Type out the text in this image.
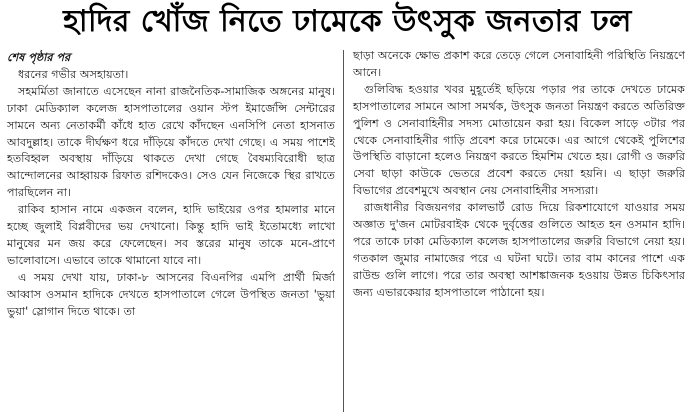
হাদির খোঁজ নিতে ঢামেকে উৎসুক জনতার ঢল

শেষ পৃষ্ঠার পর

ধরনের গভীর অসহায়তা।

সহমর্মিতা জানাতে এসেছেন নানা রাজনৈতিক-সামাজিক অঙ্গনের মানুষ। ঢাকা মেডিক্যাল কলেজ হাসপাতালের ওয়ান স্টপ ইমার্জেন্সি সেন্টারের সামনে অন্য নেতাকর্মী কাঁধে হাত রেখে কাঁদছেন এনসিপি নেতা হাসনাত আবদুল্লাহ। তাকে দীর্ঘক্ষণ ধরে দাঁড়িয়ে কাঁদতে দেখা গেছে। এ সময় পাশেই হতবিহ্বল অবস্থায় দাঁড়িয়ে থাকতে দেখা গেছে বৈষম্যবিরোধী ছাত্র আন্দোলনের আহ্বায়ক রিফাত রশিদকেও। সেও যেন নিজেকে স্থির রাখতে পারছিলেন না।

রাকিব হাসান নামে একজন বলেন, হাদি ভাইয়ের ওপর হামলার মানে হচ্ছে জুলাই বিপ্লবীদের ভয় দেখানো। কিন্তু হাদি ভাই ইতোমধ্যে লাখো মানুষের মন জয় করে ফেলেছেন। সব স্তরের মানুষ তাকে মনে-প্রাণে ভালোবাসে। এভাবে তাকে থামানো যাবে না।

এ সময় দেখা যায়, ঢাকা-৮ আসনের বিএনপির এমপি প্রার্থী মির্জা আব্বাস ওসমান হাদিকে দেখতে হাসপাতালে গেলে উপস্থিত জনতা 'ভুয়া ভুয়া' স্লোগান দিতে থাকে। তা

ছাড়া অনেকে ক্ষোভ প্রকাশ করে তেড়ে গেলে সেনাবাহিনী পরিস্থিতি নিয়ন্ত্রণে আনে।

গুলিবিদ্ধ হওয়ার খবর মুহূর্তেই ছড়িয়ে পড়ার পর তাকে দেখতে ঢামেক হাসপাতালের সামনে আসা সমর্থক, উৎসুক জনতা নিয়ন্ত্রণ করতে অতিরিক্ত পুলিশ ও সেনাবাহিনীর সদস্য মোতায়েন করা হয়। বিকেল সাড়ে ৩টার পর থেকে সেনাবাহিনীর গাড়ি প্রবেশ করে ঢামেকে। এর আগে থেকেই পুলিশের উপস্থিতি বাড়ানো হলেও নিয়ন্ত্রণ করতে হিমশিম খেতে হয়। রোগী ও জরুরি সেবা ছাড়া কাউকে ভেতরে প্রবেশ করতে দেয়া হয়নি। এ ছাড়া জরুরি বিভাগের প্রবেশমুখে অবস্থান নেয় সেনাবাহিনীর সদস্যরা।

রাজধানীর বিজয়নগর কালভার্ট রোড দিয়ে রিকশাযোগে যাওয়ার সময় অজ্ঞাত দু'জন মোটরবাইক থেকে দুর্বৃত্তের গুলিতে আহত হন ওসমান হাদি। পরে তাকে ঢাকা মেডিক্যাল কলেজ হাসপাতালের জরুরি বিভাগে নেয়া হয়। গতকাল জুমার নামাজের পরে এ ঘটনা ঘটে। তার বাম কানের পাশে এক রাউন্ড গুলি লাগে। পরে তার অবস্থা আশঙ্কাজনক হওয়ায় উন্নত চিকিৎসার জন্য এভারকেয়ার হাসপাতালে পাঠানো হয়।
